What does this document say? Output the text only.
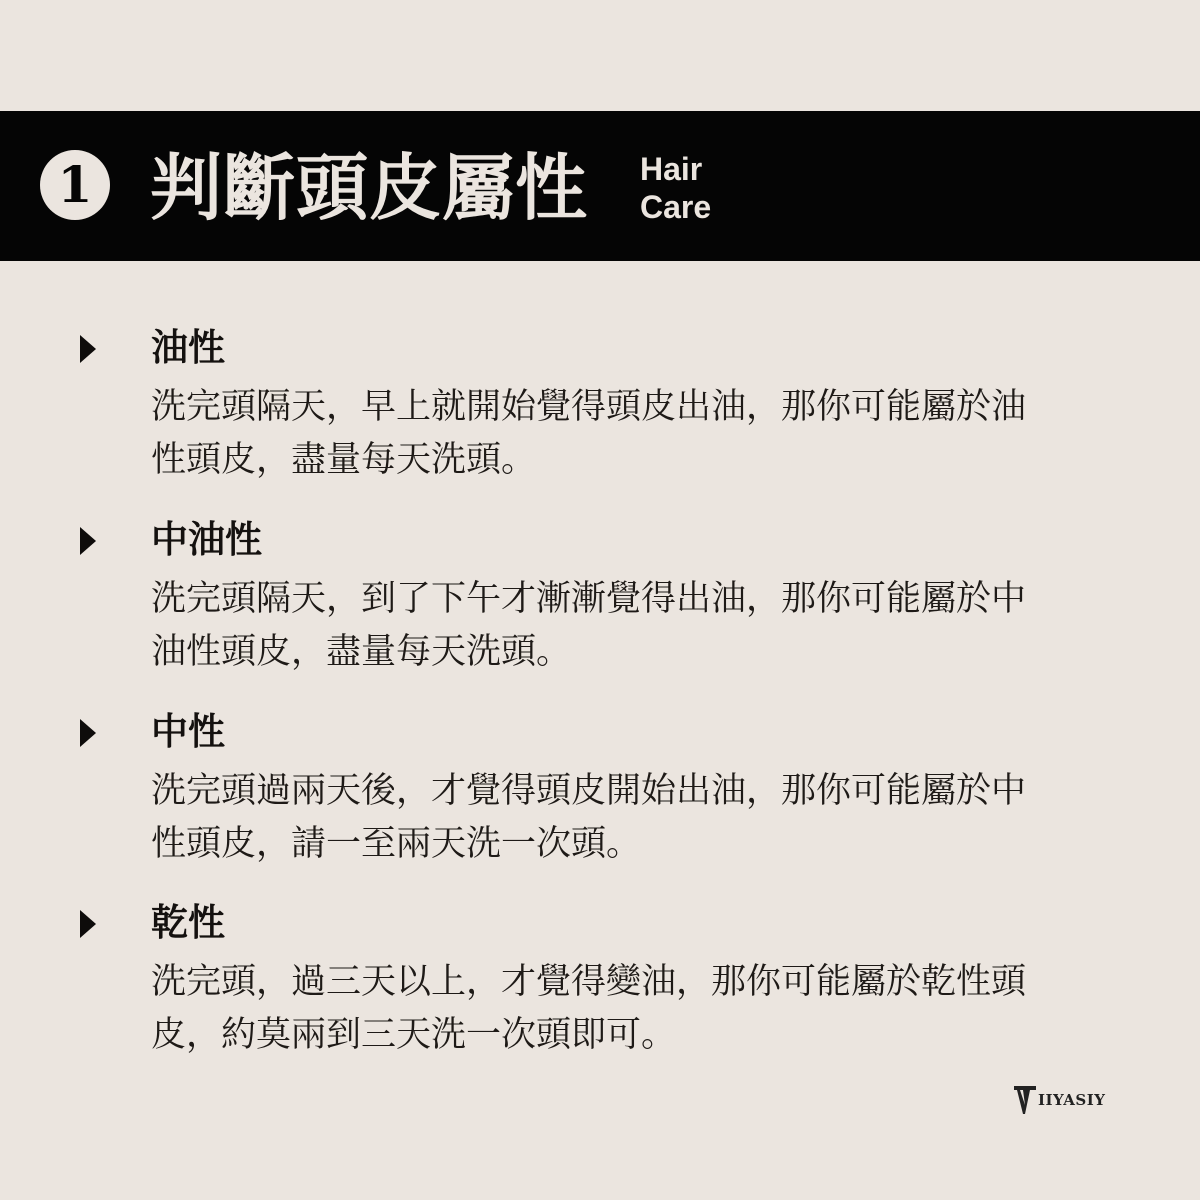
1 判斷頭皮屬性 Hair
Care
油性
洗完頭隔天，早上就開始覺得頭皮出油，那你可能屬於油
性頭皮，盡量每天洗頭。
中油性
洗完頭隔天，到了下午才漸漸覺得出油，那你可能屬於中
油性頭皮，盡量每天洗頭。
中性
洗完頭過兩天後，才覺得頭皮開始出油，那你可能屬於中
性頭皮，請一至兩天洗一次頭。
乾性
洗完頭，過三天以上，才覺得變油，那你可能屬於乾性頭
皮，約莫兩到三天洗一次頭即可。
IIYASIY
